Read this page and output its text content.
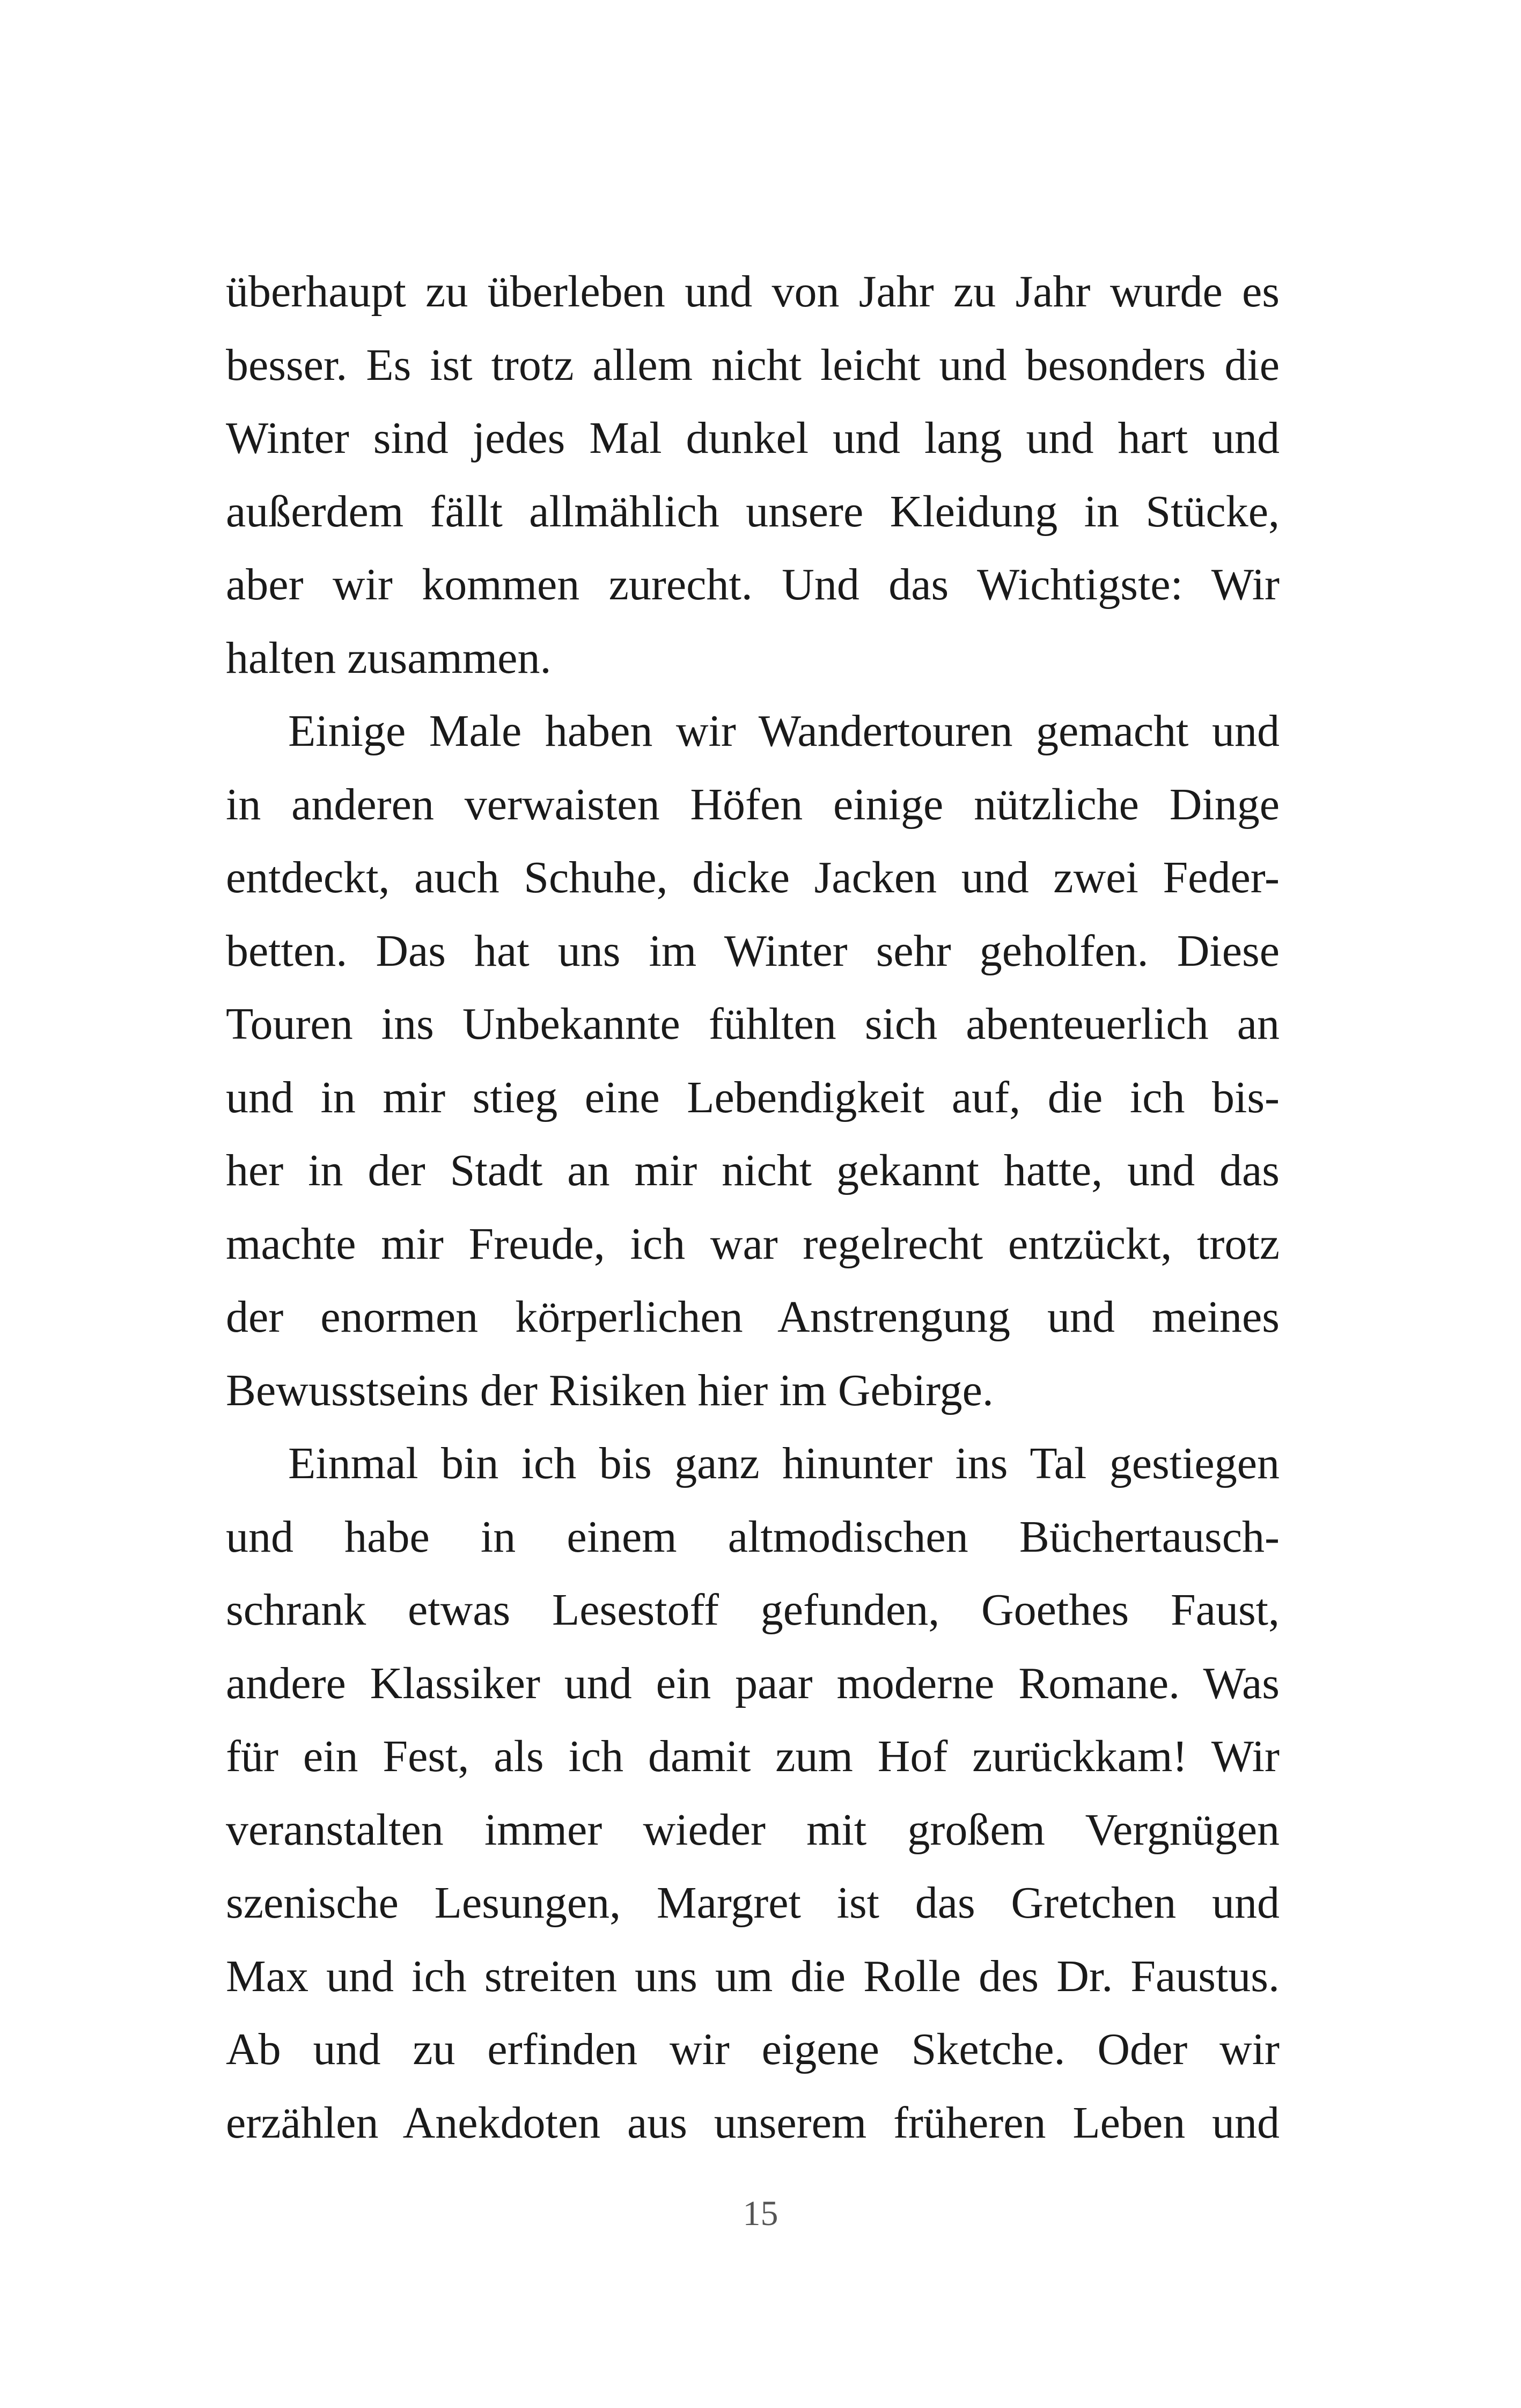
überhaupt zu überleben und von Jahr zu Jahr wurde es
besser. Es ist trotz allem nicht leicht und besonders die
Winter sind jedes Mal dunkel und lang und hart und
außerdem fällt allmählich unsere Kleidung in Stücke,
aber wir kommen zurecht. Und das Wichtigste: Wir
halten zusammen.
Einige Male haben wir Wandertouren gemacht und
in anderen verwaisten Höfen einige nützliche Dinge
entdeckt, auch Schuhe, dicke Jacken und zwei Feder-
betten. Das hat uns im Winter sehr geholfen. Diese
Touren ins Unbekannte fühlten sich abenteuerlich an
und in mir stieg eine Lebendigkeit auf, die ich bis-
her in der Stadt an mir nicht gekannt hatte, und das
machte mir Freude, ich war regelrecht entzückt, trotz
der enormen körperlichen Anstrengung und meines
Bewusstseins der Risiken hier im Gebirge.
Einmal bin ich bis ganz hinunter ins Tal gestiegen
und habe in einem altmodischen Büchertausch-
schrank etwas Lesestoff gefunden, Goethes Faust,
andere Klassiker und ein paar moderne Romane. Was
für ein Fest, als ich damit zum Hof zurückkam! Wir
veranstalten immer wieder mit großem Vergnügen
szenische Lesungen, Margret ist das Gretchen und
Max und ich streiten uns um die Rolle des Dr. Faustus.
Ab und zu erfinden wir eigene Sketche. Oder wir
erzählen Anekdoten aus unserem früheren Leben und
15
